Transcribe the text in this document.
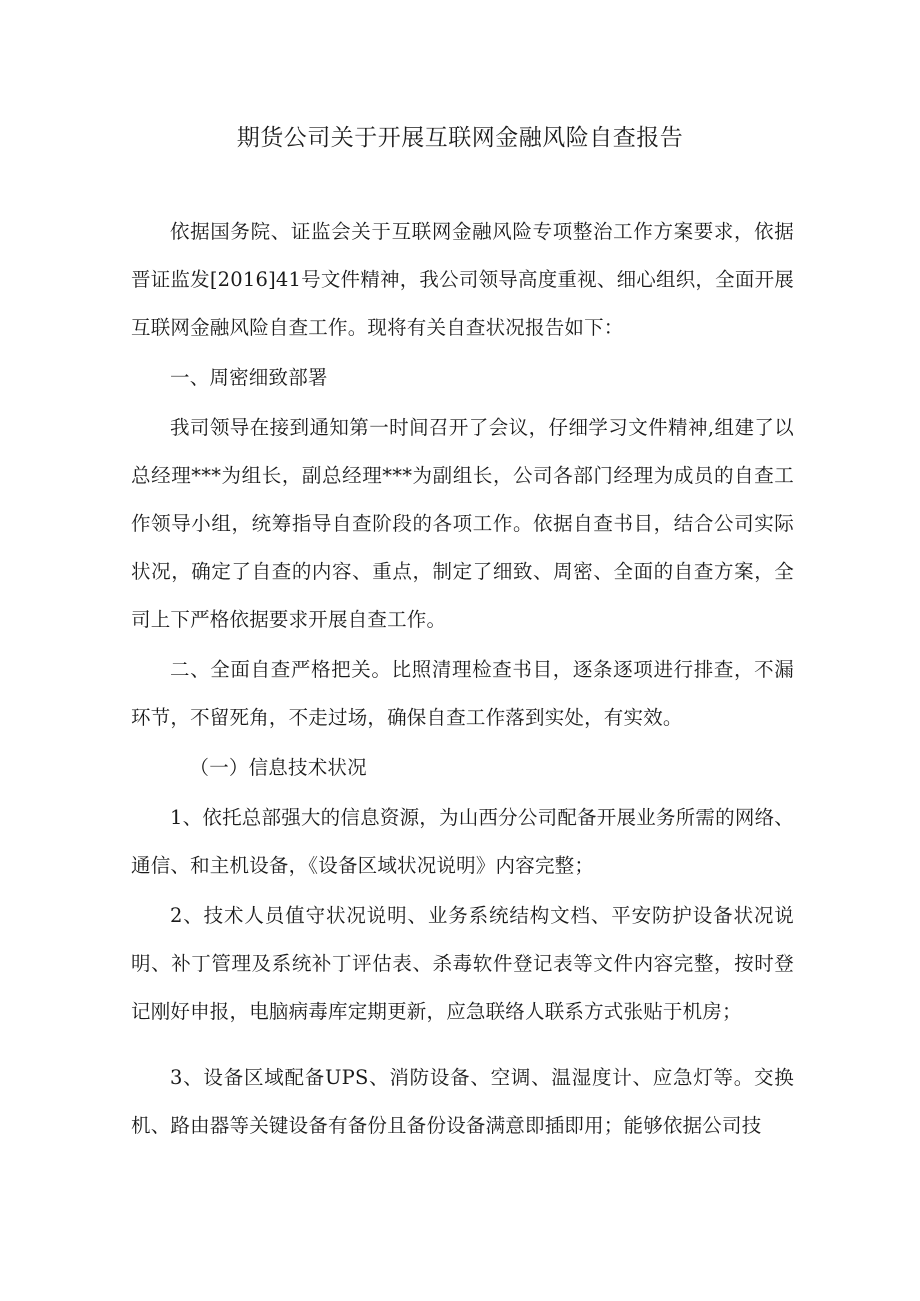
期货公司关于开展互联网金融风险自查报告

依据国务院、证监会关于互联网金融风险专项整治工作方案要求，依据晋证监发[2016]41号文件精神，我公司领导高度重视、细心组织，全面开展互联网金融风险自查工作。现将有关自查状况报告如下：

一、周密细致部署

我司领导在接到通知第一时间召开了会议，仔细学习文件精神,组建了以总经理***为组长，副总经理***为副组长，公司各部门经理为成员的自查工作领导小组，统筹指导自查阶段的各项工作。依据自查书目，结合公司实际状况，确定了自查的内容、重点，制定了细致、周密、全面的自查方案，全司上下严格依据要求开展自查工作。

二、全面自查严格把关。比照清理检查书目，逐条逐项进行排查，不漏环节，不留死角，不走过场，确保自查工作落到实处，有实效。

（一）信息技术状况

1、依托总部强大的信息资源，为山西分公司配备开展业务所需的网络、通信、和主机设备，《设备区域状况说明》内容完整；

2、技术人员值守状况说明、业务系统结构文档、平安防护设备状况说明、补丁管理及系统补丁评估表、杀毒软件登记表等文件内容完整，按时登记刚好申报，电脑病毒库定期更新，应急联络人联系方式张贴于机房；

3、设备区域配备UPS、消防设备、空调、温湿度计、应急灯等。交换机、路由器等关键设备有备份且备份设备满意即插即用；能够依据公司技
